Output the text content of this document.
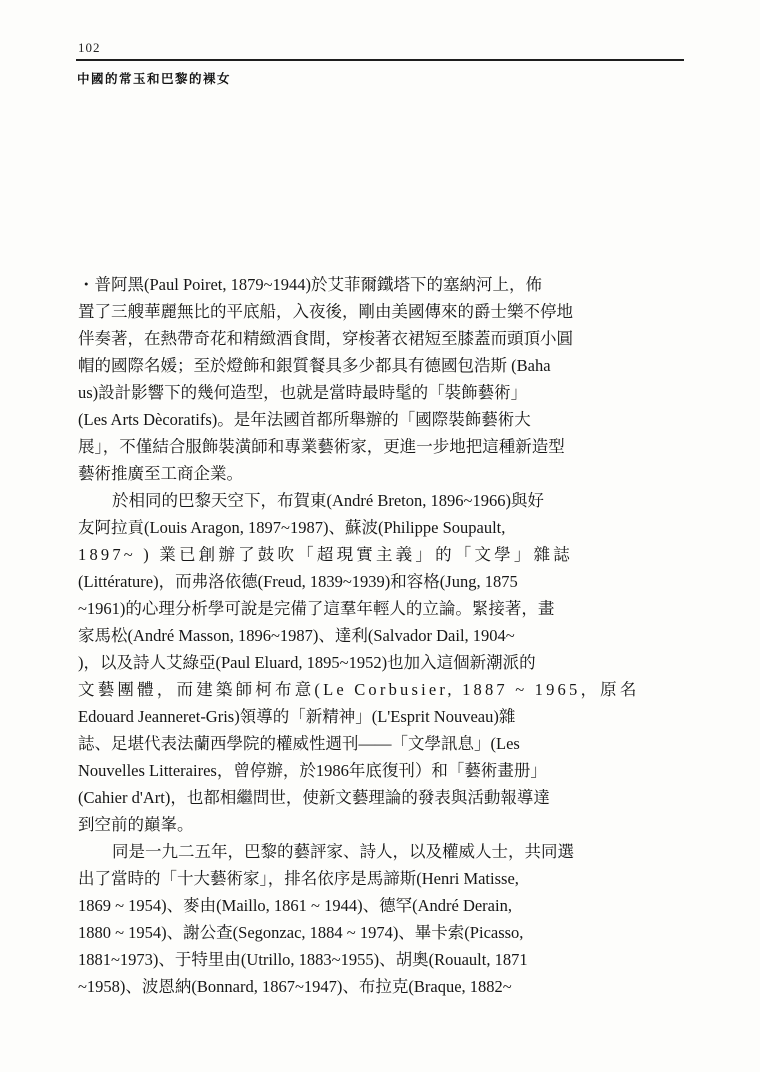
102
中國的常玉和巴黎的裸女
・普阿黑(Paul Poiret, 1879~1944)於艾菲爾鐵塔下的塞納河上，佈
置了三艘華麗無比的平底船，入夜後，剛由美國傳來的爵士樂不停地
伴奏著，在熱帶奇花和精緻酒食間，穿梭著衣裙短至膝蓋而頭頂小圓
帽的國際名媛；至於燈飾和銀質餐具多少都具有德國包浩斯 (Baha
us)設計影響下的幾何造型，也就是當時最時髦的「裝飾藝術」
(Les Arts Dècoratifs)。是年法國首都所舉辦的「國際裝飾藝術大
展」，不僅結合服飾裝潢師和專業藝術家，更進一步地把這種新造型
藝術推廣至工商企業。
於相同的巴黎天空下，布賀東(André Breton, 1896~1966)與好
友阿拉貢(Louis Aragon, 1897~1987)、蘇波(Philippe Soupault,
1897~ ) 業已創辦了鼓吹「超現實主義」的「文學」雜誌
(Littérature)，而弗洛依德(Freud, 1839~1939)和容格(Jung, 1875
~1961)的心理分析學可說是完備了這羣年輕人的立論。緊接著，畫
家馬松(André Masson, 1896~1987)、達利(Salvador Dail, 1904~
)，以及詩人艾綠亞(Paul Eluard, 1895~1952)也加入這個新潮派的
文藝團體，而建築師柯布意(Le Corbusier, 1887 ~ 1965，原名
Edouard Jeanneret-Gris)領導的「新精神」(L'Esprit Nouveau)雜
誌、足堪代表法蘭西學院的權威性週刊——「文學訊息」(Les
Nouvelles Litteraires，曾停辦，於1986年底復刊）和「藝術畫册」
(Cahier d'Art)，也都相繼問世，使新文藝理論的發表與活動報導達
到空前的巔峯。
同是一九二五年，巴黎的藝評家、詩人，以及權威人士，共同選
出了當時的「十大藝術家」，排名依序是馬諦斯(Henri Matisse,
1869 ~ 1954)、麥由(Maillo, 1861 ~ 1944)、德罕(André Derain,
1880 ~ 1954)、謝公查(Segonzac, 1884 ~ 1974)、畢卡索(Picasso,
1881~1973)、于特里由(Utrillo, 1883~1955)、胡奧(Rouault, 1871
~1958)、波恩納(Bonnard, 1867~1947)、布拉克(Braque, 1882~
